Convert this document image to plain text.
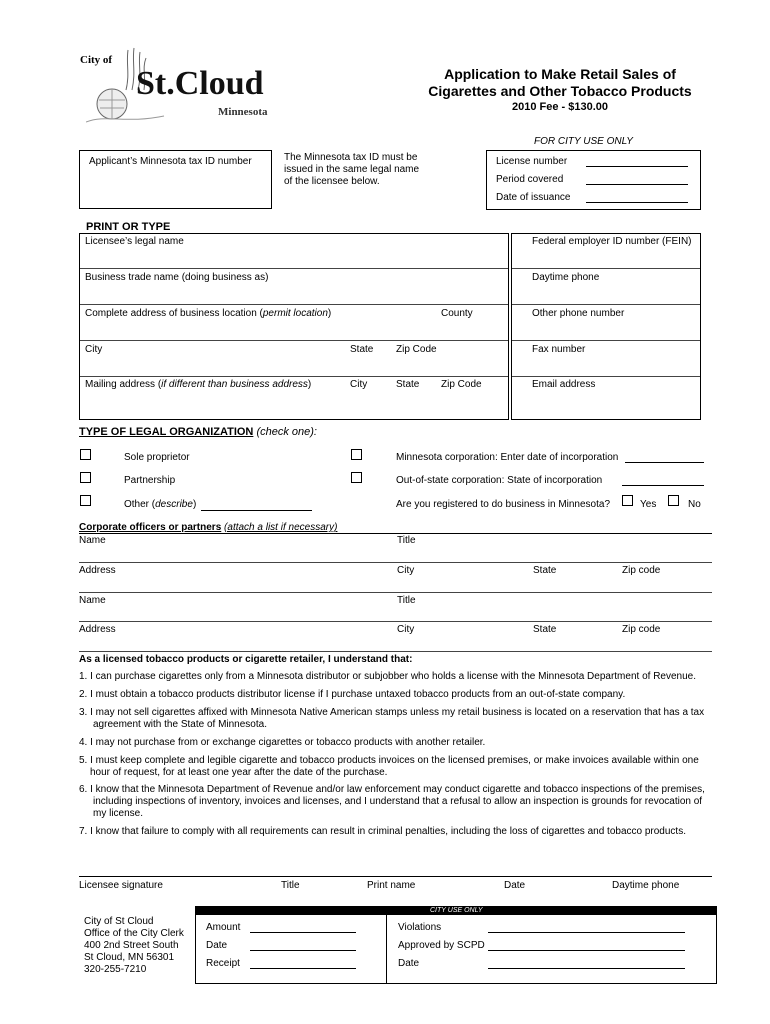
City of
St.Cloud
Minnesota
Application to Make Retail Sales of
Cigarettes and Other Tobacco Products
2010 Fee - $130.00
FOR CITY USE ONLY
License number
Period covered
Date of issuance
Applicant’s Minnesota tax ID number	The Minnesota tax ID must be
issued in the same legal name
of the licensee below.
PRINT OR TYPE
Licensee’s legal name	Federal employer ID number (FEIN)
Business trade name (doing business as)	Daytime phone
Complete address of business location (permit location)	County	Other phone number
City	State Zip Code	Fax number
Mailing address (if different than business address)	City	State Zip Code	Email address
TYPE OF LEGAL ORGANIZATION (check one):
Sole proprietor
Partnership
Other (describe)
Minnesota corporation: Enter date of incorporation
Out-of-state corporation: State of incorporation
Are you registered to do business in Minnesota?	Yes	No
Corporate officers or partners (attach a list if necessary)
Name	Title
Address	City	State	Zip code
Name	Title
Address	City	State	Zip code
As a licensed tobacco products or cigarette retailer, I understand that:
1. I can purchase cigarettes only from a Minnesota distributor or subjobber who holds a license with the Minnesota Department of Revenue.
2. I must obtain a tobacco products distributor license if I purchase untaxed tobacco products from an out-of-state company.
3. I may not sell cigarettes affixed with Minnesota Native American stamps unless my retail business is located on a reservation that has a tax
agreement with the State of Minnesota.
4. I may not purchase from or exchange cigarettes or tobacco products with another retailer.
5. I must keep complete and legible cigarette and tobacco products invoices on the licensed premises, or make invoices available within one
hour of request, for at least one year after the date of the purchase.
6. I know that the Minnesota Department of Revenue and/or law enforcement may conduct cigarette and tobacco inspections of the premises,
including inspections of inventory, invoices and licenses, and I understand that a refusal to allow an inspection is grounds for revocation of
my license.
7. I know that failure to comply with all requirements can result in criminal penalties, including the loss of cigarettes and tobacco products.
Licensee signature	Title	Print name	Date	Daytime phone
City of St Cloud
Office of the City Clerk
400 2nd Street South
St Cloud, MN 56301
320-255-7210
CITY USE ONLY
Amount
Date
Receipt
Violations
Approved by SCPD
Date
